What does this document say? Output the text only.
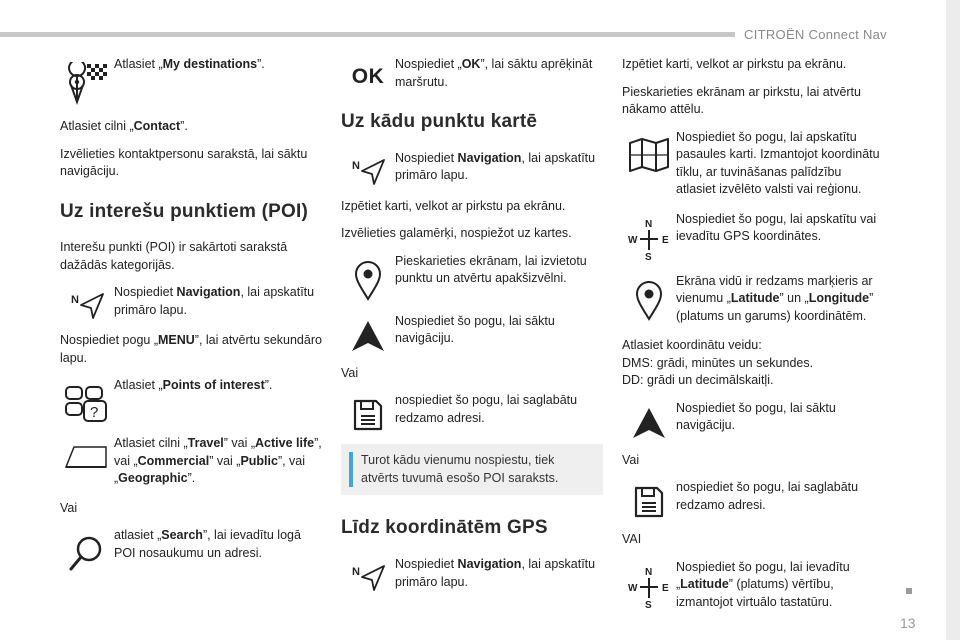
CITROËN Connect Nav
13
Atlasiet „My destinations”.

Atlasiet cilni „Contact”.

Izvēlieties kontaktpersonu sarakstā, lai sāktu navigāciju.

Uz interešu punktiem (POI)

Interešu punkti (POI) ir sakārtoti sarakstā dažādās kategorijās.

N
Nospiediet Navigation, lai apskatītu primāro lapu.

Nospiediet pogu „MENU”, lai atvērtu sekundāro lapu.

?
Atlasiet „Points of interest”.
Atlasiet cilni „Travel” vai „Active life”, vai „Commercial” vai „Public”, vai „Geographic”.

Vai

atlasiet „Search”, lai ievadītu logā POI nosaukumu un adresi.
OK
Nospiediet „OK”, lai sāktu aprēķināt maršrutu.
Uz kādu punktu kartē
N
Nospiediet Navigation, lai apskatītu primāro lapu.

Izpētiet karti, velkot ar pirkstu pa ekrānu.

Izvēlieties galamērķi, nospiežot uz kartes.

Pieskarieties ekrānam, lai izvietotu punktu un atvērtu apakšizvēlni.
Nospiediet šo pogu, lai sāktu navigāciju.

Vai

nospiediet šo pogu, lai saglabātu redzamo adresi.
Turot kādu vienumu nospiestu, tiek atvērts tuvumā esošo POI saraksts.
Līdz koordinātēm GPS
N
Nospiediet Navigation, lai apskatītu primāro lapu.

Izpētiet karti, velkot ar pirkstu pa ekrānu.

Pieskarieties ekrānam ar pirkstu, lai atvērtu nākamo attēlu.

Nospiediet šo pogu, lai apskatītu pasaules karti. Izmantojot koordinātu tīklu, ar tuvināšanas palīdzību atlasiet izvēlēto valsti vai reģionu.
N
S
W E
Nospiediet šo pogu, lai apskatītu vai ievadītu GPS koordinātes.
Ekrāna vidū ir redzams marķieris ar vienumu „Latitude” un „Longitude” (platums un garums) koordinātēm.

Atlasiet koordinātu veidu:
DMS: grādi, minūtes un sekundes.
DD: grādi un decimālskaitļi.

Nospiediet šo pogu, lai sāktu navigāciju.

Vai

nospiediet šo pogu, lai saglabātu redzamo adresi.

VAI

N
S
W E
Nospiediet šo pogu, lai ievadītu „Latitude” (platums) vērtību, izmantojot virtuālo tastatūru.
